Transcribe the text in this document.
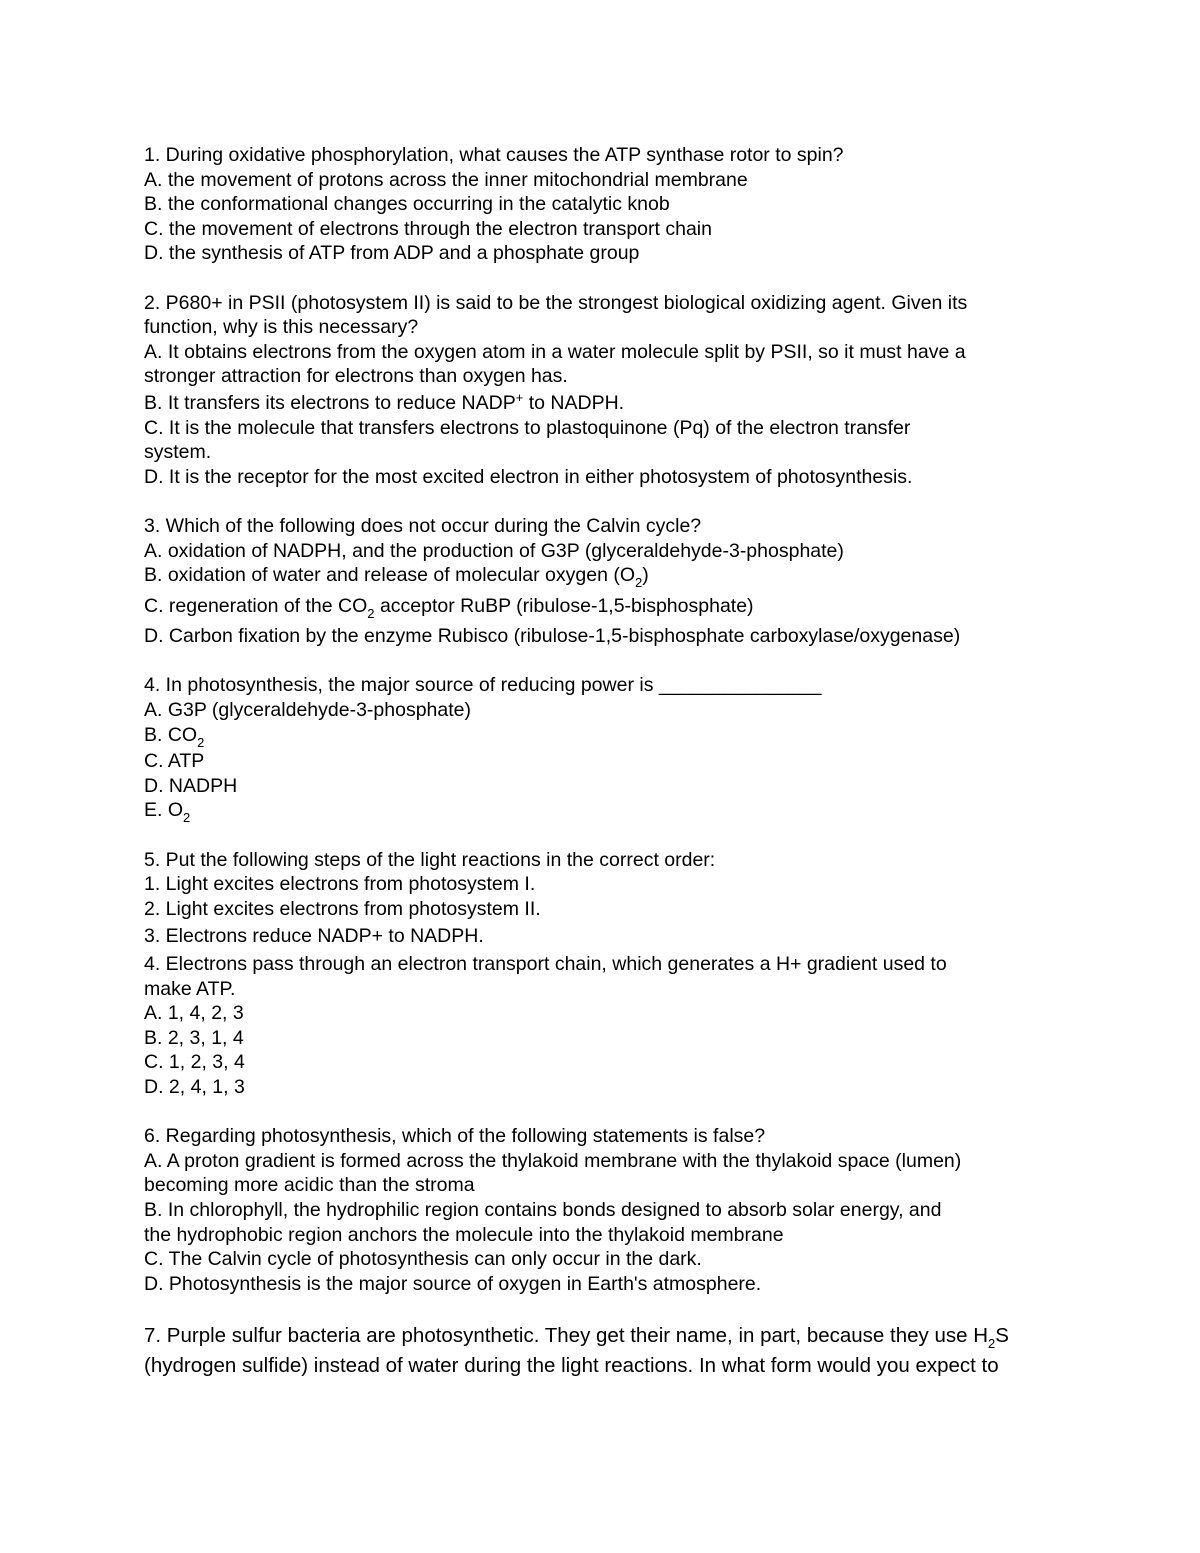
1. During oxidative phosphorylation, what causes the ATP synthase rotor to spin?

A. the movement of protons across the inner mitochondrial membrane

B. the conformational changes occurring in the catalytic knob

C. the movement of electrons through the electron transport chain

D. the synthesis of ATP from ADP and a phosphate group

2. P680+ in PSII (photosystem II) is said to be the strongest biological oxidizing agent. Given its

function, why is this necessary?

A. It obtains electrons from the oxygen atom in a water molecule split by PSII, so it must have a

stronger attraction for electrons than oxygen has.

B. It transfers its electrons to reduce NADP+ to NADPH.

C. It is the molecule that transfers electrons to plastoquinone (Pq) of the electron transfer

system.

D. It is the receptor for the most excited electron in either photosystem of photosynthesis.

3. Which of the following does not occur during the Calvin cycle?

A. oxidation of NADPH, and the production of G3P (glyceraldehyde-3-phosphate)

B. oxidation of water and release of molecular oxygen $(O_2)$

C. regeneration of the $CO_2$ acceptor RuBP (ribulose-1,5-bisphosphate)

D. Carbon fixation by the enzyme Rubisco (ribulose-1,5-bisphosphate carboxylase/oxygenase)

4. In photosynthesis, the major source of reducing power is _______________

A. G3P (glyceraldehyde-3-phosphate)

B. $CO_2$

C. ATP

D. NADPH

E. $O_2$

5. Put the following steps of the light reactions in the correct order:

1. Light excites electrons from photosystem I.

2. Light excites electrons from photosystem II.

3. Electrons reduce NADP+ to NADPH.

4. Electrons pass through an electron transport chain, which generates a H+ gradient used to

make ATP.

A. 1, 4, 2, 3

B. 2, 3, 1, 4

C. 1, 2, 3, 4

D. 2, 4, 1, 3

6. Regarding photosynthesis, which of the following statements is false?

A. A proton gradient is formed across the thylakoid membrane with the thylakoid space (lumen)

becoming more acidic than the stroma

B. In chlorophyll, the hydrophilic region contains bonds designed to absorb solar energy, and

the hydrophobic region anchors the molecule into the thylakoid membrane

C. The Calvin cycle of photosynthesis can only occur in the dark.

D. Photosynthesis is the major source of oxygen in Earth's atmosphere.

7. Purple sulfur bacteria are photosynthetic. They get their name, in part, because they use $H_2S$

(hydrogen sulfide) instead of water during the light reactions. In what form would you expect to
